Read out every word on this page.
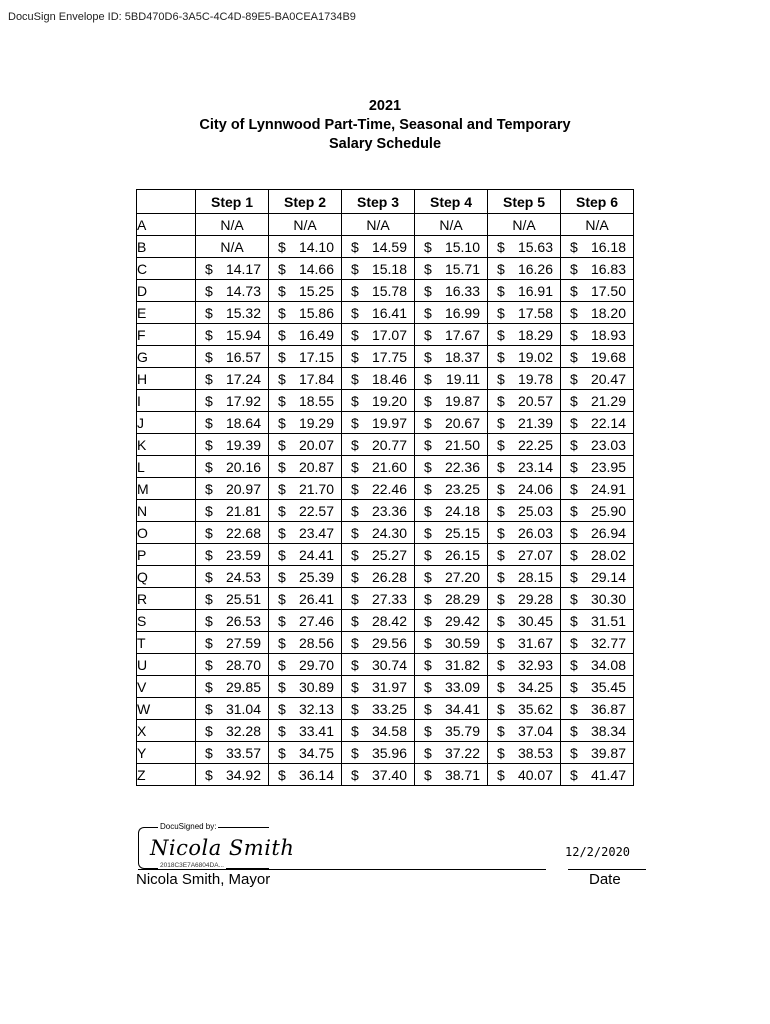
DocuSign Envelope ID: 5BD470D6-3A5C-4C4D-89E5-BA0CEA1734B9
2021
City of Lynnwood Part-Time, Seasonal and Temporary
Salary Schedule
	Step 1	Step 2	Step 3	Step 4	Step 5	Step 6
A	N/A	N/A	N/A	N/A	N/A	N/A
B	N/A	$ 14.10	$ 14.59	$ 15.10	$ 15.63	$ 16.18

C	$ 14.17	$ 14.66	$ 15.18	$ 15.71	$ 16.26	$ 16.83

D	$ 14.73	$ 15.25	$ 15.78	$ 16.33	$ 16.91	$ 17.50

E	$ 15.32	$ 15.86	$ 16.41	$ 16.99	$ 17.58	$ 18.20

F	$ 15.94	$ 16.49	$ 17.07	$ 17.67	$ 18.29	$ 18.93

G	$ 16.57	$ 17.15	$ 17.75	$ 18.37	$ 19.02	$ 19.68

H	$ 17.24	$ 17.84	$ 18.46	$ 19.11	$ 19.78	$ 20.47

I	$ 17.92	$ 18.55	$ 19.20	$ 19.87	$ 20.57	$ 21.29

J	$ 18.64	$ 19.29	$ 19.97	$ 20.67	$ 21.39	$ 22.14

K	$ 19.39	$ 20.07	$ 20.77	$ 21.50	$ 22.25	$ 23.03

L	$ 20.16	$ 20.87	$ 21.60	$ 22.36	$ 23.14	$ 23.95

M	$ 20.97	$ 21.70	$ 22.46	$ 23.25	$ 24.06	$ 24.91

N	$ 21.81	$ 22.57	$ 23.36	$ 24.18	$ 25.03	$ 25.90

O	$ 22.68	$ 23.47	$ 24.30	$ 25.15	$ 26.03	$ 26.94

P	$ 23.59	$ 24.41	$ 25.27	$ 26.15	$ 27.07	$ 28.02

Q	$ 24.53	$ 25.39	$ 26.28	$ 27.20	$ 28.15	$ 29.14

R	$ 25.51	$ 26.41	$ 27.33	$ 28.29	$ 29.28	$ 30.30

S	$ 26.53	$ 27.46	$ 28.42	$ 29.42	$ 30.45	$ 31.51

T	$ 27.59	$ 28.56	$ 29.56	$ 30.59	$ 31.67	$ 32.77

U	$ 28.70	$ 29.70	$ 30.74	$ 31.82	$ 32.93	$ 34.08

V	$ 29.85	$ 30.89	$ 31.97	$ 33.09	$ 34.25	$ 35.45

W	$ 31.04	$ 32.13	$ 33.25	$ 34.41	$ 35.62	$ 36.87

X	$ 32.28	$ 33.41	$ 34.58	$ 35.79	$ 37.04	$ 38.34

Y	$ 33.57	$ 34.75	$ 35.96	$ 37.22	$ 38.53	$ 39.87

Z	$ 34.92	$ 36.14	$ 37.40	$ 38.71	$ 40.07	$ 41.47
DocuSigned by:
Nicola Smith
2018C3E7A6804DA...
12/2/2020
Nicola Smith, Mayor	Date
